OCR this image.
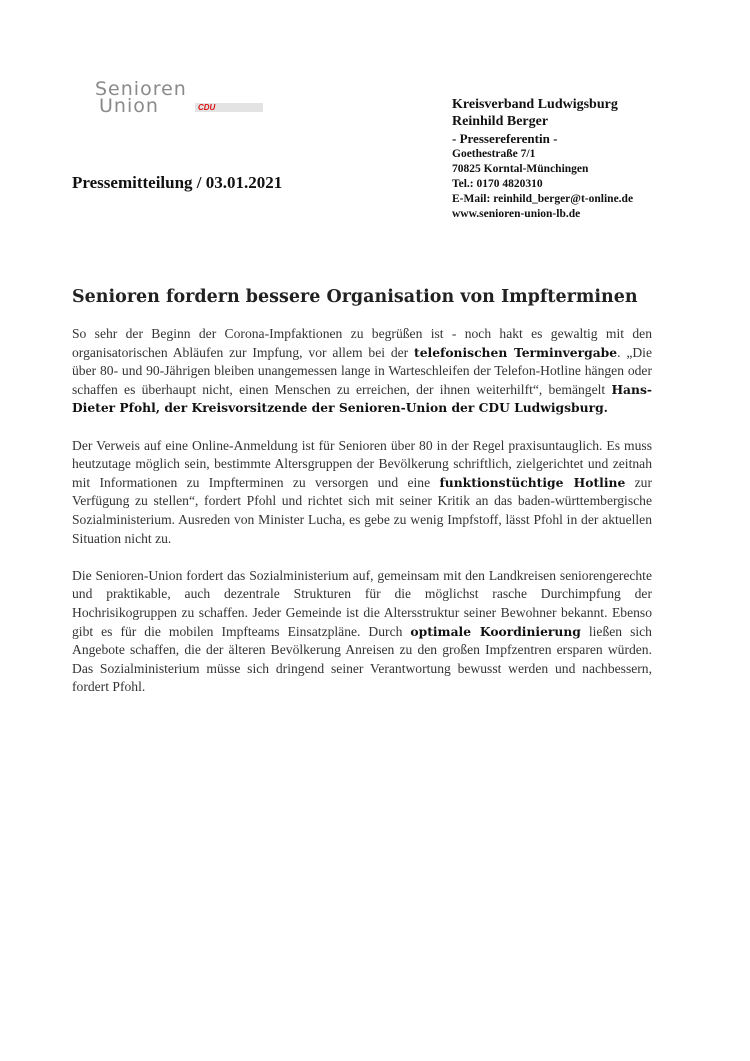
Senioren
Union	CDU	Kreisverband Ludwigsburg
Reinhild Berger
- Pressereferentin -
Goethestraße 7/1
70825 Korntal-Münchingen
Tel.: 0170 4820310
E-Mail: reinhild_berger@t-online.de
www.senioren-union-lb.de
Pressemitteilung / 03.01.2021
Senioren fordern bessere Organisation von Impfterminen

So sehr der Beginn der Corona-Impfaktionen zu begrüßen ist - noch hakt es gewaltig mit den organisatorischen Abläufen zur Impfung, vor allem bei der telefonischen Terminvergabe. „Die über 80- und 90-Jährigen bleiben unangemessen lange in Warteschleifen der Telefon-Hotline hängen oder schaffen es überhaupt nicht, einen Menschen zu erreichen, der ihnen weiterhilft“, bemängelt Hans-Dieter Pfohl, der Kreisvorsitzende der Senioren-Union der CDU Ludwigsburg.

Der Verweis auf eine Online-Anmeldung ist für Senioren über 80 in der Regel praxisuntauglich. Es muss heutzutage möglich sein, bestimmte Altersgruppen der Bevölkerung schriftlich, zielgerichtet und zeitnah mit Informationen zu Impfterminen zu versorgen und eine funktionstüchtige Hotline zur Verfügung zu stellen“, fordert Pfohl und richtet sich mit seiner Kritik an das baden-württembergische Sozialministerium. Ausreden von Minister Lucha, es gebe zu wenig Impfstoff, lässt Pfohl in der aktuellen Situation nicht zu.

Die Senioren-Union fordert das Sozialministerium auf, gemeinsam mit den Landkreisen seniorengerechte und praktikable, auch dezentrale Strukturen für die möglichst rasche Durchimpfung der Hochrisikogruppen zu schaffen. Jeder Gemeinde ist die Altersstruktur seiner Bewohner bekannt. Ebenso gibt es für die mobilen Impfteams Einsatzpläne. Durch optimale Koordinierung ließen sich Angebote schaffen, die der älteren Bevölkerung Anreisen zu den großen Impfzentren ersparen würden. Das Sozialministerium müsse sich dringend seiner Verantwortung bewusst werden und nachbessern, fordert Pfohl.
